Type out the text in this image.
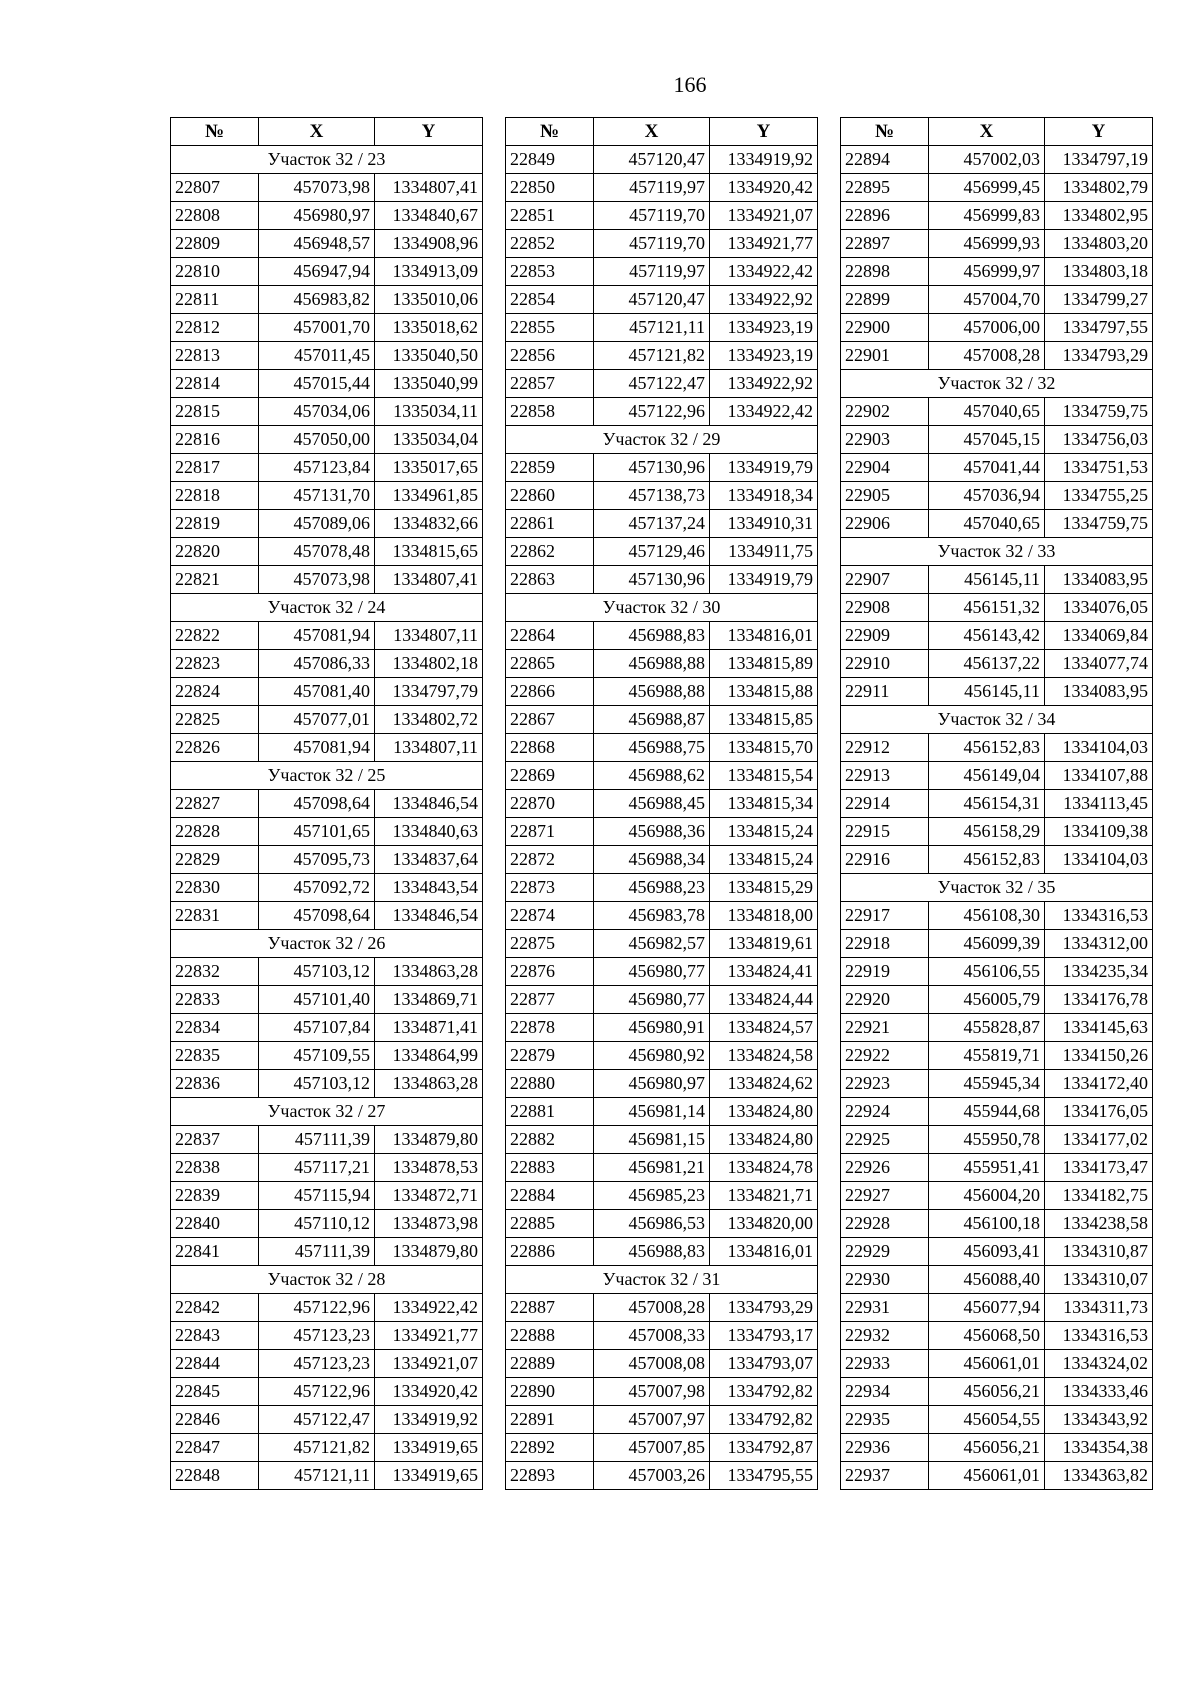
166
№	X	Y
Участок 32 / 23		
22807	457073,98	1334807,41
22808	456980,97	1334840,67
22809	456948,57	1334908,96
22810	456947,94	1334913,09
22811	456983,82	1335010,06
22812	457001,70	1335018,62
22813	457011,45	1335040,50
22814	457015,44	1335040,99
22815	457034,06	1335034,11
22816	457050,00	1335034,04
22817	457123,84	1335017,65
22818	457131,70	1334961,85
22819	457089,06	1334832,66
22820	457078,48	1334815,65
22821	457073,98	1334807,41
Участок 32 / 24		
22822	457081,94	1334807,11
22823	457086,33	1334802,18
22824	457081,40	1334797,79
22825	457077,01	1334802,72
22826	457081,94	1334807,11
Участок 32 / 25		
22827	457098,64	1334846,54
22828	457101,65	1334840,63
22829	457095,73	1334837,64
22830	457092,72	1334843,54
22831	457098,64	1334846,54
Участок 32 / 26		
22832	457103,12	1334863,28
22833	457101,40	1334869,71
22834	457107,84	1334871,41
22835	457109,55	1334864,99
22836	457103,12	1334863,28
Участок 32 / 27		
22837	457111,39	1334879,80
22838	457117,21	1334878,53
22839	457115,94	1334872,71
22840	457110,12	1334873,98
22841	457111,39	1334879,80
Участок 32 / 28		
22842	457122,96	1334922,42
22843	457123,23	1334921,77
22844	457123,23	1334921,07
22845	457122,96	1334920,42
22846	457122,47	1334919,92
22847	457121,82	1334919,65
22848	457121,11	1334919,65
№	X	Y
22849	457120,47	1334919,92
22850	457119,97	1334920,42
22851	457119,70	1334921,07
22852	457119,70	1334921,77
22853	457119,97	1334922,42
22854	457120,47	1334922,92
22855	457121,11	1334923,19
22856	457121,82	1334923,19
22857	457122,47	1334922,92
22858	457122,96	1334922,42
Участок 32 / 29		
22859	457130,96	1334919,79
22860	457138,73	1334918,34
22861	457137,24	1334910,31
22862	457129,46	1334911,75
22863	457130,96	1334919,79
Участок 32 / 30		
22864	456988,83	1334816,01
22865	456988,88	1334815,89
22866	456988,88	1334815,88
22867	456988,87	1334815,85
22868	456988,75	1334815,70
22869	456988,62	1334815,54
22870	456988,45	1334815,34
22871	456988,36	1334815,24
22872	456988,34	1334815,24
22873	456988,23	1334815,29
22874	456983,78	1334818,00
22875	456982,57	1334819,61
22876	456980,77	1334824,41
22877	456980,77	1334824,44
22878	456980,91	1334824,57
22879	456980,92	1334824,58
22880	456980,97	1334824,62
22881	456981,14	1334824,80
22882	456981,15	1334824,80
22883	456981,21	1334824,78
22884	456985,23	1334821,71
22885	456986,53	1334820,00
22886	456988,83	1334816,01
Участок 32 / 31		
22887	457008,28	1334793,29
22888	457008,33	1334793,17
22889	457008,08	1334793,07
22890	457007,98	1334792,82
22891	457007,97	1334792,82
22892	457007,85	1334792,87
22893	457003,26	1334795,55
№	X	Y
22894	457002,03	1334797,19
22895	456999,45	1334802,79
22896	456999,83	1334802,95
22897	456999,93	1334803,20
22898	456999,97	1334803,18
22899	457004,70	1334799,27
22900	457006,00	1334797,55
22901	457008,28	1334793,29
Участок 32 / 32		
22902	457040,65	1334759,75
22903	457045,15	1334756,03
22904	457041,44	1334751,53
22905	457036,94	1334755,25
22906	457040,65	1334759,75
Участок 32 / 33		
22907	456145,11	1334083,95
22908	456151,32	1334076,05
22909	456143,42	1334069,84
22910	456137,22	1334077,74
22911	456145,11	1334083,95
Участок 32 / 34		
22912	456152,83	1334104,03
22913	456149,04	1334107,88
22914	456154,31	1334113,45
22915	456158,29	1334109,38
22916	456152,83	1334104,03
Участок 32 / 35		
22917	456108,30	1334316,53
22918	456099,39	1334312,00
22919	456106,55	1334235,34
22920	456005,79	1334176,78
22921	455828,87	1334145,63
22922	455819,71	1334150,26
22923	455945,34	1334172,40
22924	455944,68	1334176,05
22925	455950,78	1334177,02
22926	455951,41	1334173,47
22927	456004,20	1334182,75
22928	456100,18	1334238,58
22929	456093,41	1334310,87
22930	456088,40	1334310,07
22931	456077,94	1334311,73
22932	456068,50	1334316,53
22933	456061,01	1334324,02
22934	456056,21	1334333,46
22935	456054,55	1334343,92
22936	456056,21	1334354,38
22937	456061,01	1334363,82
